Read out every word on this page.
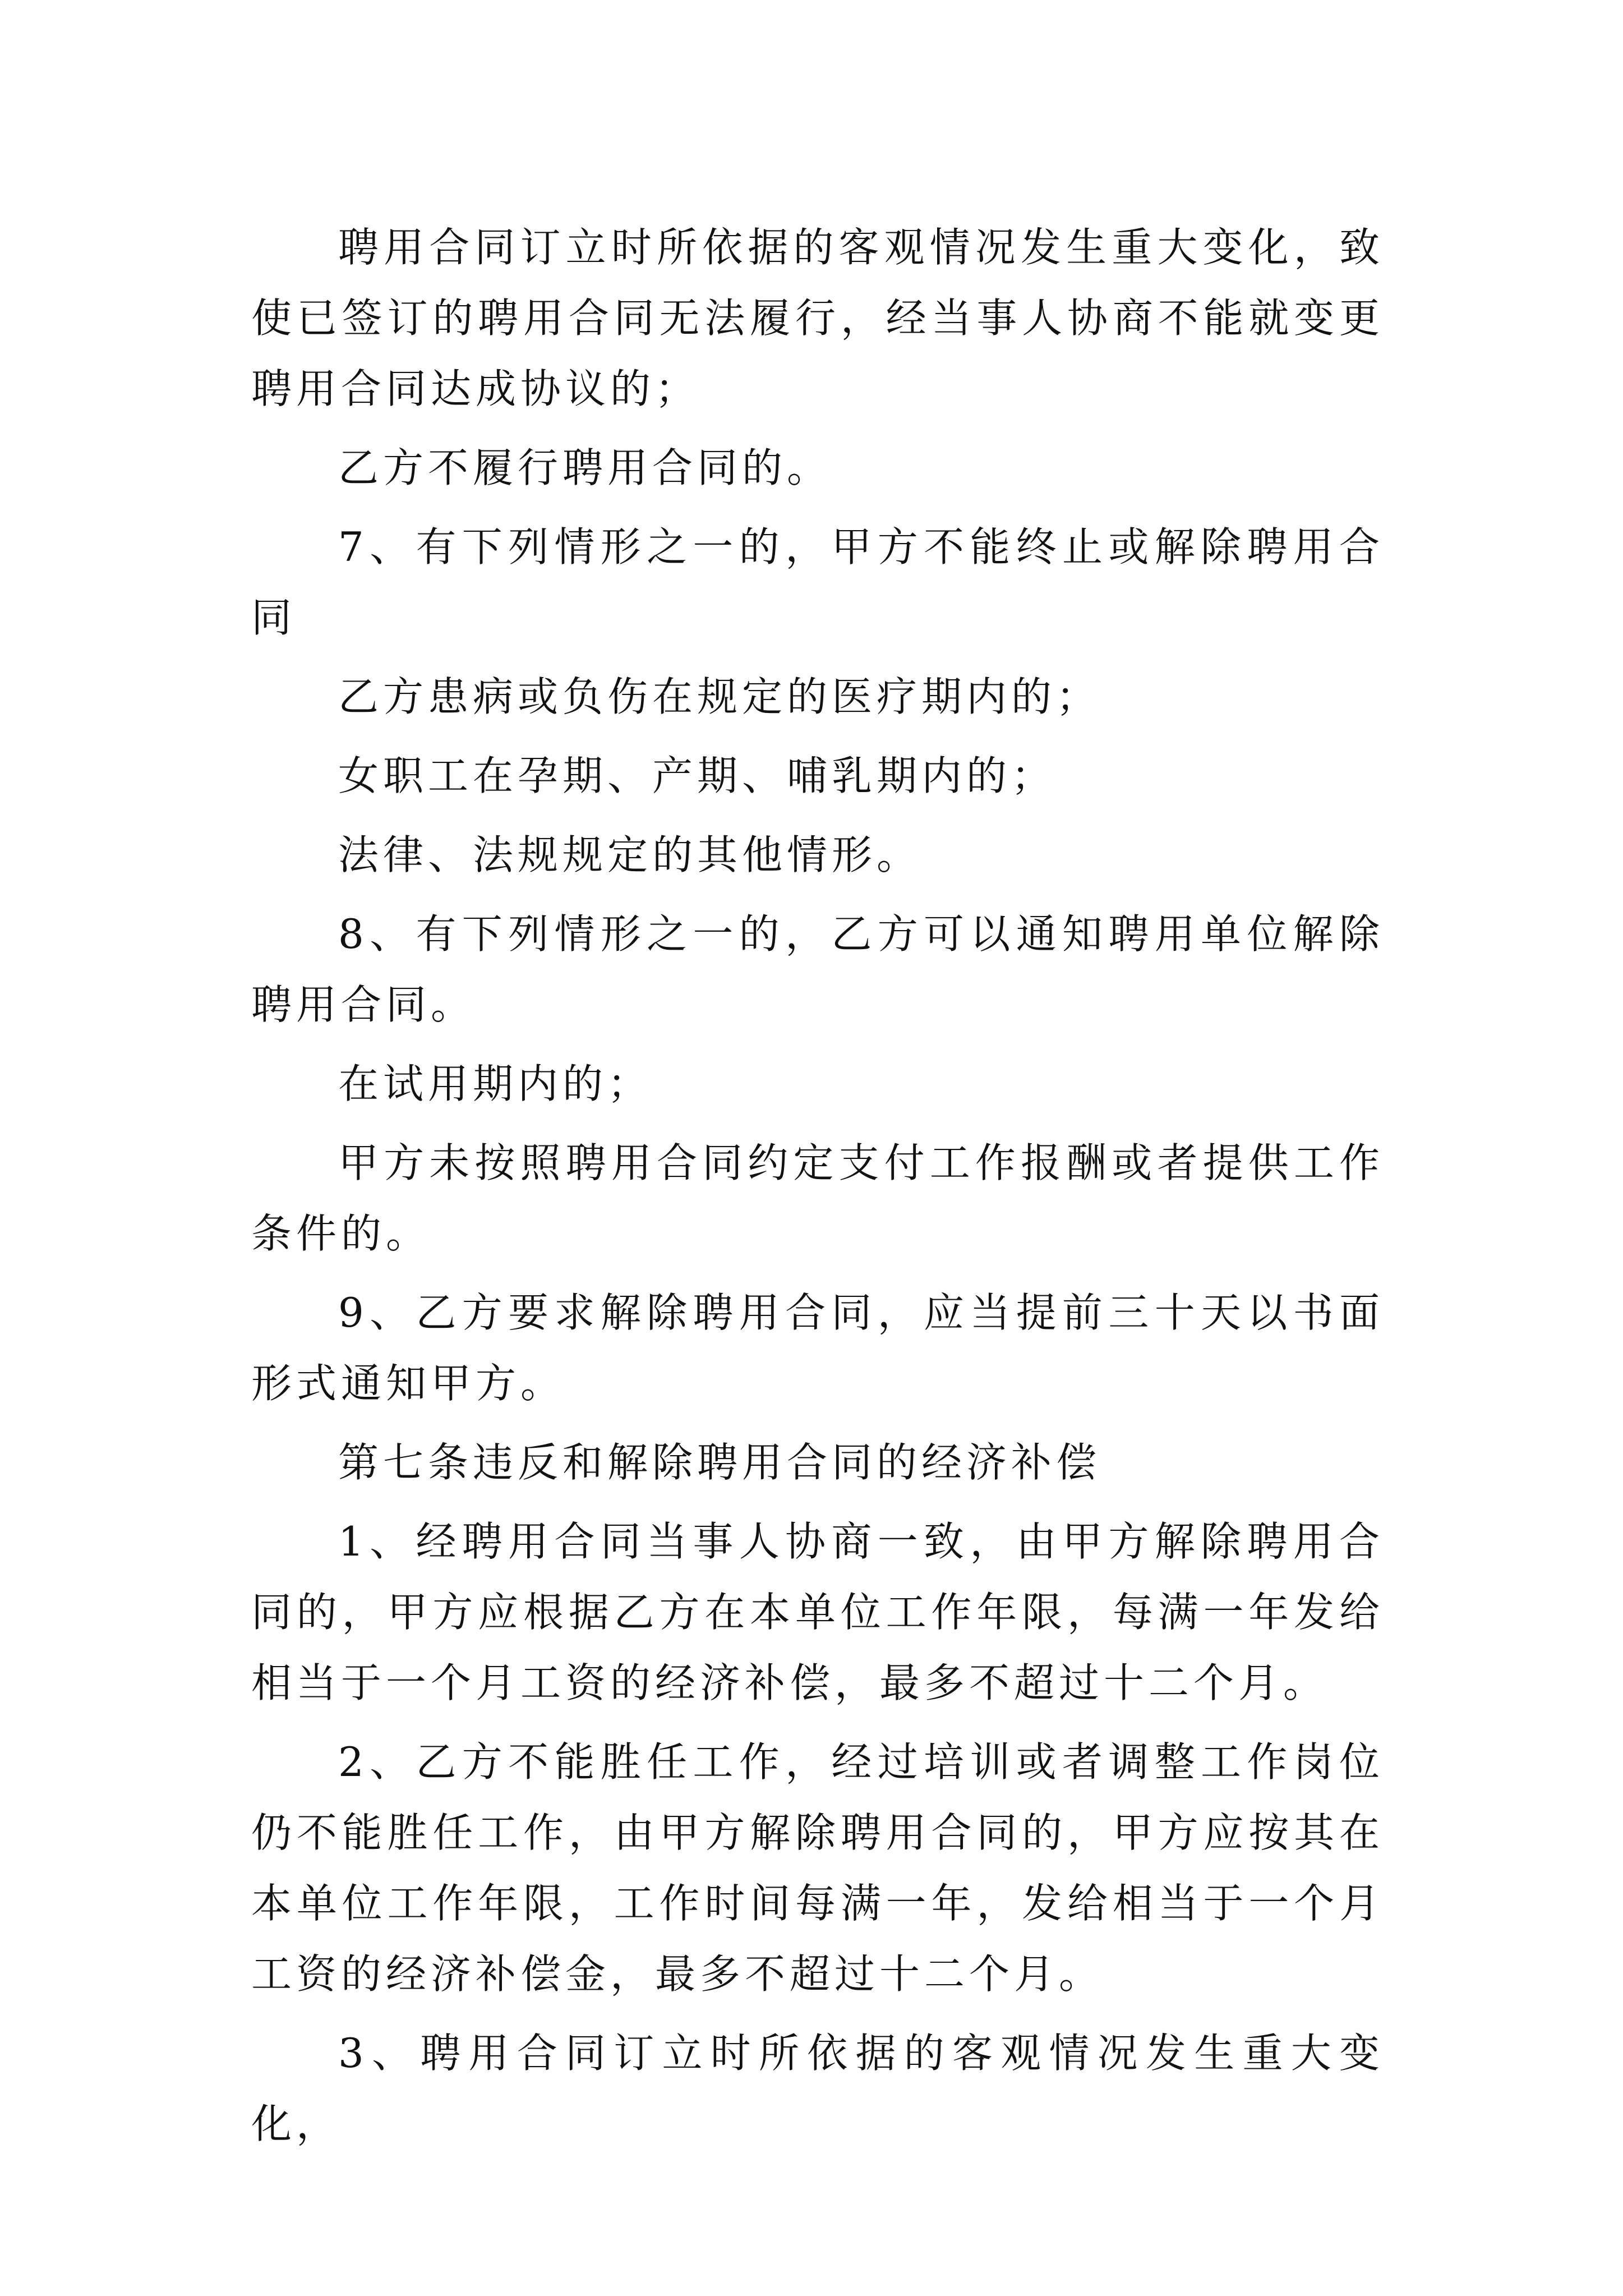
聘用合同订立时所依据的客观情况发生重大变化，致使已签订的聘用合同无法履行，经当事人协商不能就变更聘用合同达成协议的；

乙方不履行聘用合同的。

7、有下列情形之一的，甲方不能终止或解除聘用合同

乙方患病或负伤在规定的医疗期内的；

女职工在孕期、产期、哺乳期内的；

法律、法规规定的其他情形。

8、有下列情形之一的，乙方可以通知聘用单位解除聘用合同。

在试用期内的；

甲方未按照聘用合同约定支付工作报酬或者提供工作条件的。

9、乙方要求解除聘用合同，应当提前三十天以书面形式通知甲方。

第七条违反和解除聘用合同的经济补偿

1、经聘用合同当事人协商一致，由甲方解除聘用合同的，甲方应根据乙方在本单位工作年限，每满一年发给相当于一个月工资的经济补偿，最多不超过十二个月。

2、乙方不能胜任工作，经过培训或者调整工作岗位仍不能胜任工作，由甲方解除聘用合同的，甲方应按其在本单位工作年限，工作时间每满一年，发给相当于一个月工资的经济补偿金，最多不超过十二个月。

3、聘用合同订立时所依据的客观情况发生重大变化，
